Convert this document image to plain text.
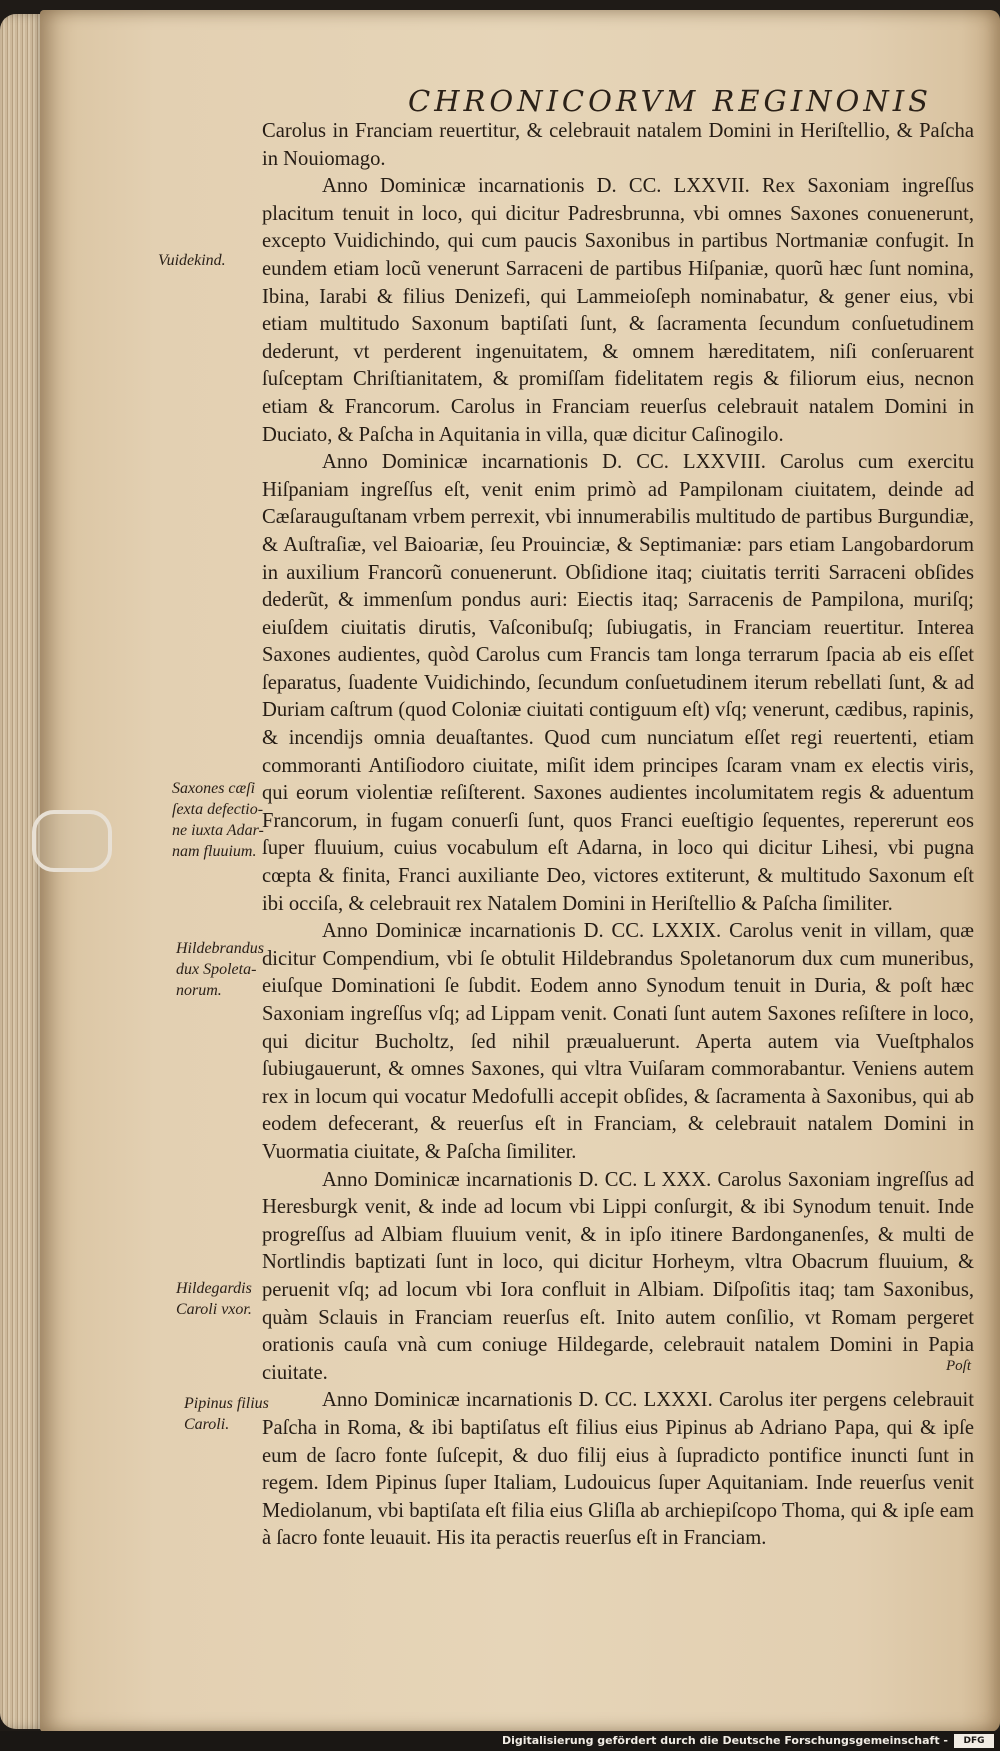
CHRONICORVM REGINONIS

Carolus in Franciam reuertitur, & celebrauit natalem Domini in Heriſtellio, & Paſcha in Nouiomago.

Anno Dominicæ incarnationis D. CC. LXXVII. Rex Saxoniam ingreſſus placitum tenuit in loco, qui dicitur Padresbrunna, vbi omnes Saxones conuenerunt, excepto Vuidichindo, qui cum paucis Saxonibus in partibus Nortmaniæ confugit. In eundem etiam locũ venerunt Sarraceni de partibus Hiſpaniæ, quorũ hæc ſunt nomina, Ibina, Iarabi & filius Denizefi, qui Lammeioſeph nominabatur, & gener eius, vbi etiam multitudo Saxonum baptiſati ſunt, & ſacramenta ſecundum conſuetudinem dederunt, vt perderent ingenuitatem, & omnem hæreditatem, niſi conſeruarent ſuſceptam Chriſtianitatem, & promiſſam fidelitatem regis & filiorum eius, necnon etiam & Francorum. Carolus in Franciam reuerſus celebrauit natalem Domini in Duciato, & Paſcha in Aquitania in villa, quæ dicitur Caſinogilo.

Anno Dominicæ incarnationis D. CC. LXXVIII. Carolus cum exercitu Hiſpaniam ingreſſus eſt, venit enim primò ad Pampilonam ciuitatem, deinde ad Cæſarauguſtanam vrbem perrexit, vbi innumerabilis multitudo de partibus Burgundiæ, & Auſtraſiæ, vel Baioariæ, ſeu Prouinciæ, & Septimaniæ: pars etiam Langobardorum in auxilium Francorũ conuenerunt. Obſidione itaq; ciuitatis territi Sarraceni obſides dederũt, & immenſum pondus auri: Eiectis itaq; Sarracenis de Pampilona, muriſq; eiuſdem ciuitatis dirutis, Vaſconibuſq; ſubiugatis, in Franciam reuertitur. Interea Saxones audientes, quòd Carolus cum Francis tam longa terrarum ſpacia ab eis eſſet ſeparatus, ſuadente Vuidichindo, ſecundum conſuetudinem iterum rebellati ſunt, & ad Duriam caſtrum (quod Coloniæ ciuitati contiguum eſt) vſq; venerunt, cædibus, rapinis, & incendijs omnia deuaſtantes. Quod cum nunciatum eſſet regi reuertenti, etiam commoranti Antiſiodoro ciuitate, miſit idem principes ſcaram vnam ex electis viris, qui eorum violentiæ reſiſterent. Saxones audientes incolumitatem regis & aduentum Francorum, in fugam conuerſi ſunt, quos Franci eueſtigio ſequentes, repererunt eos ſuper fluuium, cuius vocabulum eſt Adarna, in loco qui dicitur Lihesi, vbi pugna cœpta & finita, Franci auxiliante Deo, victores extiterunt, & multitudo Saxonum eſt ibi occiſa, & celebrauit rex Natalem Domini in Heriſtellio & Paſcha ſimiliter.

Anno Dominicæ incarnationis D. CC. LXXIX. Carolus venit in villam, quæ dicitur Compendium, vbi ſe obtulit Hildebrandus Spoletanorum dux cum muneribus, eiuſque Dominationi ſe ſubdit. Eodem anno Synodum tenuit in Duria, & poſt hæc Saxoniam ingreſſus vſq; ad Lippam venit. Conati ſunt autem Saxones reſiſtere in loco, qui dicitur Bucholtz, ſed nihil præualuerunt. Aperta autem via Vueſtphalos ſubiugauerunt, & omnes Saxones, qui vltra Vuiſaram commorabantur. Veniens autem rex in locum qui vocatur Medofulli accepit obſides, & ſacramenta à Saxonibus, qui ab eodem defecerant, & reuerſus eſt in Franciam, & celebrauit natalem Domini in Vuormatia ciuitate, & Paſcha ſimiliter.

Anno Dominicæ incarnationis D. CC. L XXX. Carolus Saxoniam ingreſſus ad Heresburgk venit, & inde ad locum vbi Lippi conſurgit, & ibi Synodum tenuit. Inde progreſſus ad Albiam fluuium venit, & in ipſo itinere Bardonganenſes, & multi de Nortlindis baptizati ſunt in loco, qui dicitur Horheym, vltra Obacrum fluuium, & peruenit vſq; ad locum vbi Iora confluit in Albiam. Diſpoſitis itaq; tam Saxonibus, quàm Sclauis in Franciam reuerſus eſt. Inito autem conſilio, vt Romam pergeret orationis cauſa vnà cum coniuge Hildegarde, celebrauit natalem Domini in Papia ciuitate.

Anno Dominicæ incarnationis D. CC. LXXXI. Carolus iter pergens celebrauit Paſcha in Roma, & ibi baptiſatus eſt filius eius Pipinus ab Adriano Papa, qui & ipſe eum de ſacro fonte ſuſcepit, & duo filij eius à ſupradicto pontifice inuncti ſunt in regem. Idem Pipinus ſuper Italiam, Ludouicus ſuper Aquitaniam. Inde reuerſus venit Mediolanum, vbi baptiſata eſt filia eius Gliſla ab archiepiſcopo Thoma, qui & ipſe eam à ſacro fonte leuauit. His ita peractis reuerſus eſt in Franciam.

Vuidekind.
Saxones cæſi
ſexta defectio-
ne iuxta Adar-
nam fluuium.
Hildebrandus
dux Spoleta-
norum.
Hildegardis
Caroli vxor.
Pipinus filius
Caroli.
Poſt
Digitalisierung gefördert durch die Deutsche Forschungsgemeinschaft -	DFG
